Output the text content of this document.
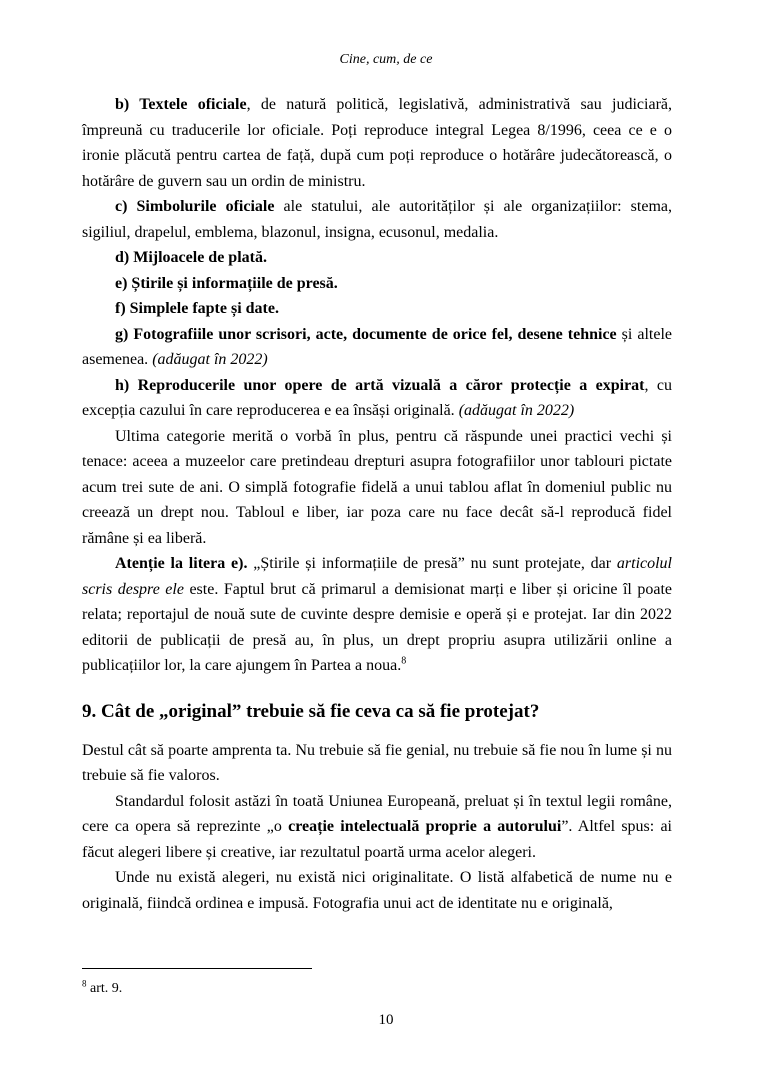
Cine, cum, de ce

b) Textele oficiale, de natură politică, legislativă, administrativă sau judiciară, împreună cu traducerile lor oficiale. Poți reproduce integral Legea 8/1996, ceea ce e o ironie plăcută pentru cartea de față, după cum poți reproduce o hotărâre judecătorească, o hotărâre de guvern sau un ordin de ministru.

c) Simbolurile oficiale ale statului, ale autorităților și ale organizațiilor: stema, sigiliul, drapelul, emblema, blazonul, insigna, ecusonul, medalia.

d) Mijloacele de plată.

e) Știrile și informațiile de presă.

f) Simplele fapte și date.

g) Fotografiile unor scrisori, acte, documente de orice fel, desene tehnice și altele asemenea. (adăugat în 2022)

h) Reproducerile unor opere de artă vizuală a căror protecție a expirat, cu excepția cazului în care reproducerea e ea însăși originală. (adăugat în 2022)

Ultima categorie merită o vorbă în plus, pentru că răspunde unei practici vechi și tenace: aceea a muzeelor care pretindeau drepturi asupra fotografiilor unor tablouri pictate acum trei sute de ani. O simplă fotografie fidelă a unui tablou aflat în domeniul public nu creează un drept nou. Tabloul e liber, iar poza care nu face decât să-l reproducă fidel rămâne și ea liberă.

Atenție la litera e). „Știrile și informațiile de presă” nu sunt protejate, dar articolul scris despre ele este. Faptul brut că primarul a demisionat marți e liber și oricine îl poate relata; reportajul de nouă sute de cuvinte despre demisie e operă și e protejat. Iar din 2022 editorii de publicații de presă au, în plus, un drept propriu asupra utilizării online a publicațiilor lor, la care ajungem în Partea a noua.$^8$

9. Cât de „original” trebuie să fie ceva ca să fie protejat?

Destul cât să poarte amprenta ta. Nu trebuie să fie genial, nu trebuie să fie nou în lume și nu trebuie să fie valoros.

Standardul folosit astăzi în toată Uniunea Europeană, preluat și în textul legii române, cere ca opera să reprezinte „o creație intelectuală proprie a autorului”. Altfel spus: ai făcut alegeri libere și creative, iar rezultatul poartă urma acelor alegeri.

Unde nu există alegeri, nu există nici originalitate. O listă alfabetică de nume nu e originală, fiindcă ordinea e impusă. Fotografia unui act de identitate nu e originală,

$^8$ art. 9.
10
